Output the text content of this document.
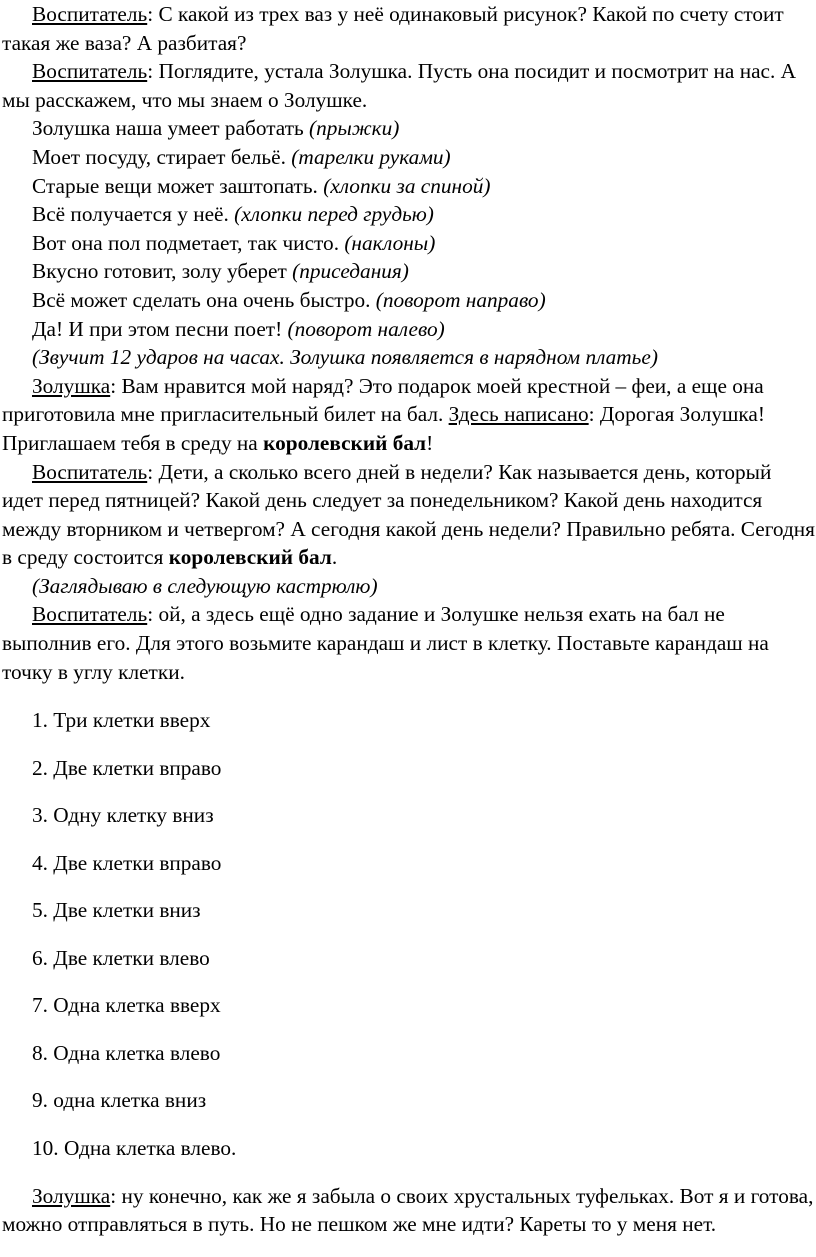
Воспитатель: С какой из трех ваз у неё одинаковый рисунок? Какой по счету стоит такая же ваза? А разбитая?

Воспитатель: Поглядите, устала Золушка. Пусть она посидит и посмотрит на нас. А мы расскажем, что мы знаем о Золушке.

Золушка наша умеет работать (прыжки)

Моет посуду, стирает бельё. (тарелки руками)

Старые вещи может заштопать. (хлопки за спиной)

Всё получается у неё. (хлопки перед грудью)

Вот она пол подметает, так чисто. (наклоны)

Вкусно готовит, золу уберет (приседания)

Всё может сделать она очень быстро. (поворот направо)

Да! И при этом песни поет! (поворот налево)

(Звучит 12 ударов на часах. Золушка появляется в нарядном платье)

Золушка: Вам нравится мой наряд? Это подарок моей крестной – феи, а еще она приготовила мне пригласительный билет на бал. Здесь написано: Дорогая Золушка! Приглашаем тебя в среду на королевский бал!

Воспитатель: Дети, а сколько всего дней в недели? Как называется день, который идет перед пятницей? Какой день следует за понедельником? Какой день находится между вторником и четвергом? А сегодня какой день недели? Правильно ребята. Сегодня в среду состоится королевский бал.

(Заглядываю в следующую кастрюлю)

Воспитатель: ой, а здесь ещё одно задание и Золушке нельзя ехать на бал не выполнив его. Для этого возьмите карандаш и лист в клетку. Поставьте карандаш на точку в углу клетки.

1. Три клетки вверх
2. Две клетки вправо
3. Одну клетку вниз
4. Две клетки вправо
5. Две клетки вниз
6. Две клетки влево
7. Одна клетка вверх
8. Одна клетка влево
9. одна клетка вниз
10. Одна клетка влево.

Золушка: ну конечно, как же я забыла о своих хрустальных туфельках. Вот я и готова, можно отправляться в путь. Но не пешком же мне идти? Кареты то у меня нет.
